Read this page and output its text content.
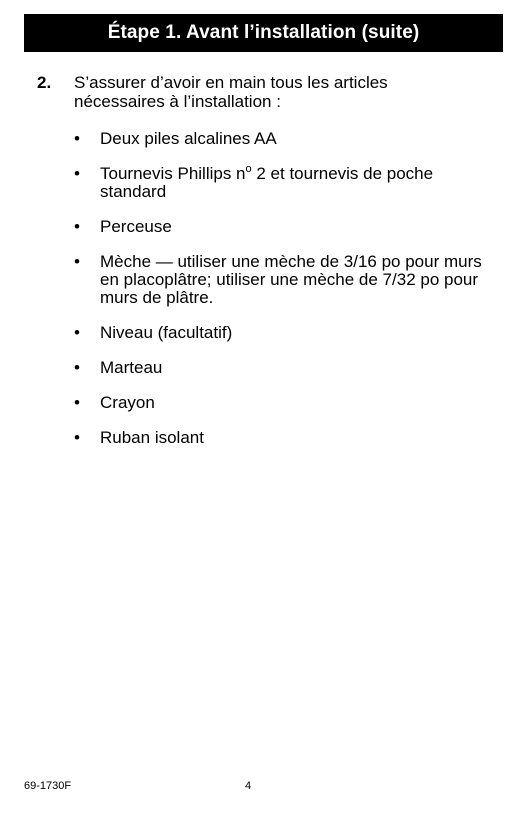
Étape 1. Avant l’installation (suite)
2. S’assurer d’avoir en main tous les articles nécessaires à l’installation :
• Deux piles alcalines AA
• Tournevis Phillips $n^o$ 2 et tournevis de poche standard
• Perceuse
• Mèche — utiliser une mèche de 3/16 po pour murs en placoplâtre; utiliser une mèche de 7/32 po pour murs de plâtre.
• Niveau (facultatif)
• Marteau
• Crayon
• Ruban isolant
69-1730F	4
